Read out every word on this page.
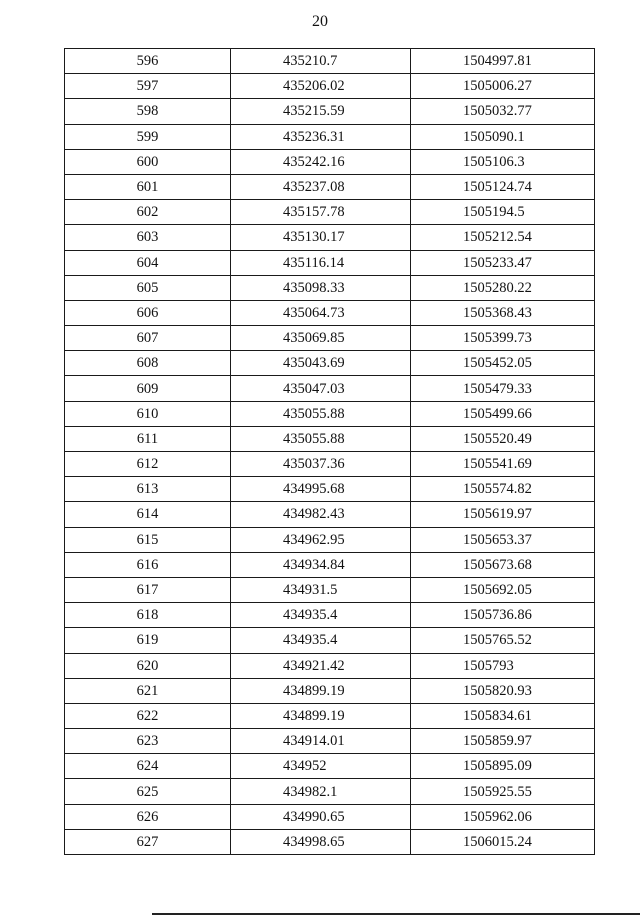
20
596	435210.7	1504997.81
597	435206.02	1505006.27
598	435215.59	1505032.77
599	435236.31	1505090.1
600	435242.16	1505106.3
601	435237.08	1505124.74
602	435157.78	1505194.5
603	435130.17	1505212.54
604	435116.14	1505233.47
605	435098.33	1505280.22
606	435064.73	1505368.43
607	435069.85	1505399.73
608	435043.69	1505452.05
609	435047.03	1505479.33
610	435055.88	1505499.66
611	435055.88	1505520.49
612	435037.36	1505541.69
613	434995.68	1505574.82
614	434982.43	1505619.97
615	434962.95	1505653.37
616	434934.84	1505673.68
617	434931.5	1505692.05
618	434935.4	1505736.86
619	434935.4	1505765.52
620	434921.42	1505793
621	434899.19	1505820.93
622	434899.19	1505834.61
623	434914.01	1505859.97
624	434952	1505895.09
625	434982.1	1505925.55
626	434990.65	1505962.06
627	434998.65	1506015.24
